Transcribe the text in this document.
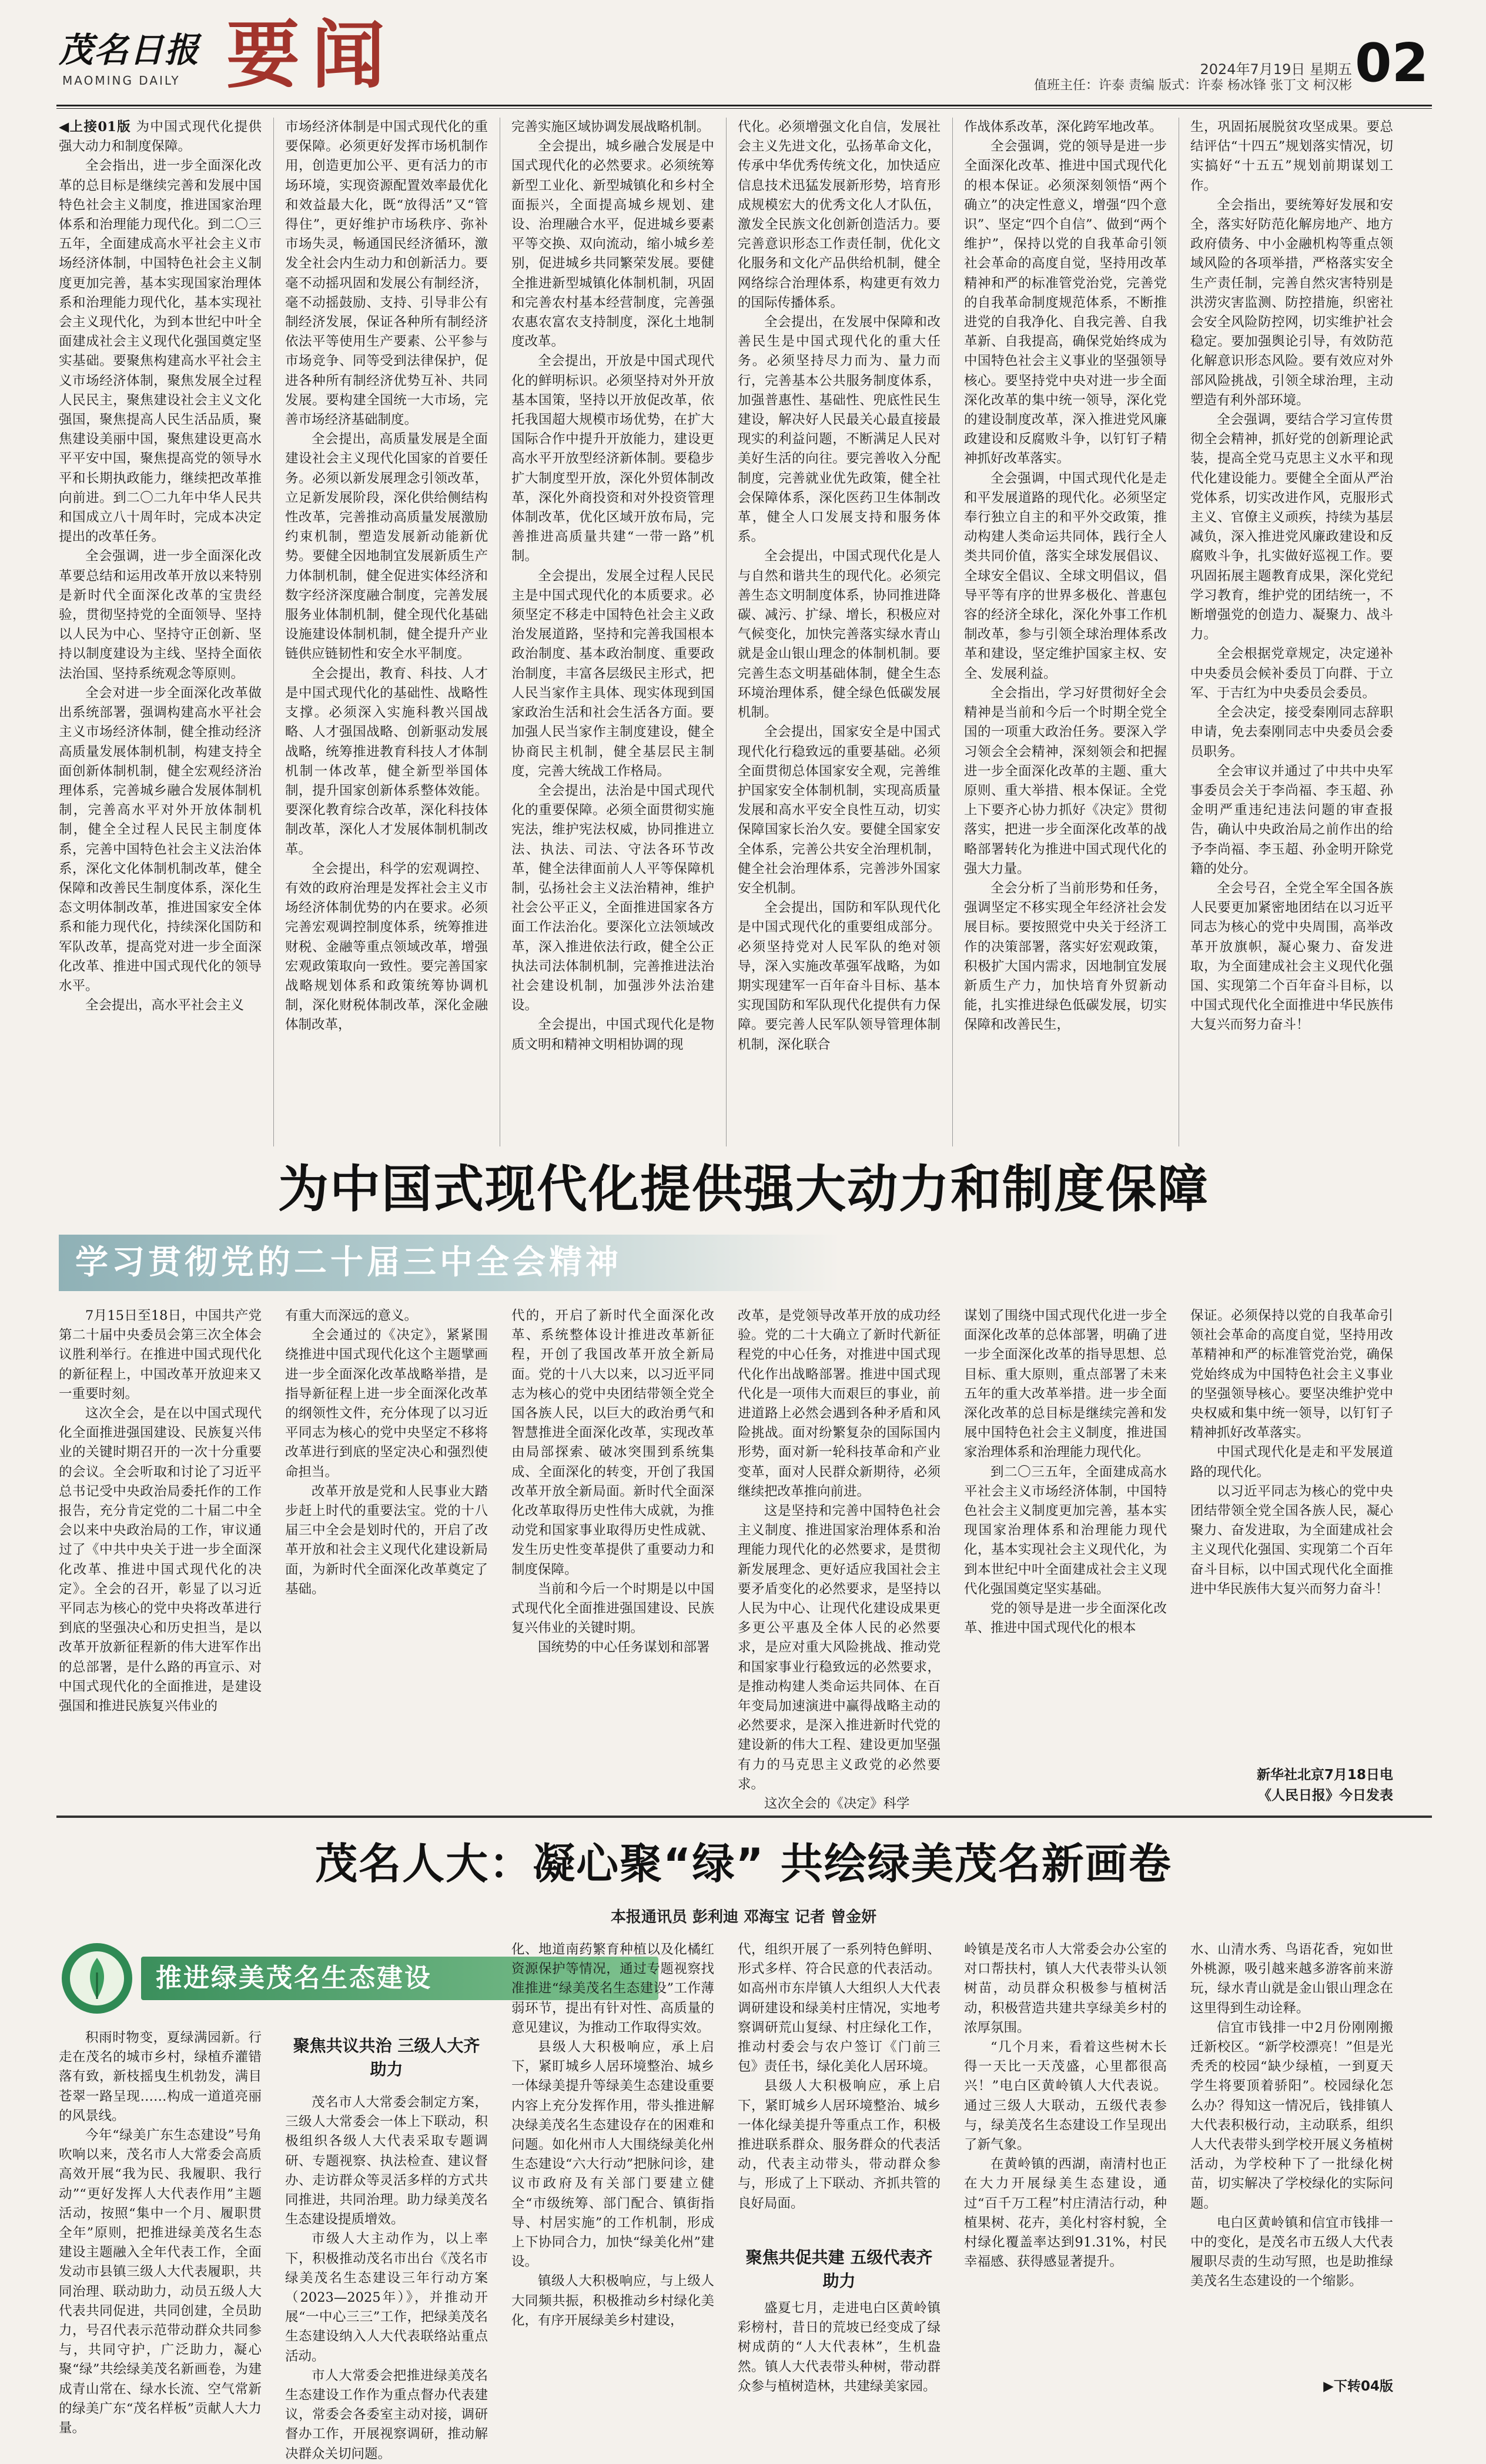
茂名日报
MAOMING DAILY 要闻	2024年7月19日 星期五
值班主任：许泰 责编 版式：许泰 杨冰锋 张丁文 柯汉彬 02

◀上接01版 为中国式现代化提供强大动力和制度保障。

全会指出，进一步全面深化改革的总目标是继续完善和发展中国特色社会主义制度，推进国家治理体系和治理能力现代化。到二〇三五年，全面建成高水平社会主义市场经济体制，中国特色社会主义制度更加完善，基本实现国家治理体系和治理能力现代化，基本实现社会主义现代化，为到本世纪中叶全面建成社会主义现代化强国奠定坚实基础。要聚焦构建高水平社会主义市场经济体制，聚焦发展全过程人民民主，聚焦建设社会主义文化强国，聚焦提高人民生活品质，聚焦建设美丽中国，聚焦建设更高水平平安中国，聚焦提高党的领导水平和长期执政能力，继续把改革推向前进。到二〇二九年中华人民共和国成立八十周年时，完成本决定提出的改革任务。

全会强调，进一步全面深化改革要总结和运用改革开放以来特别是新时代全面深化改革的宝贵经验，贯彻坚持党的全面领导、坚持以人民为中心、坚持守正创新、坚持以制度建设为主线、坚持全面依法治国、坚持系统观念等原则。

全会对进一步全面深化改革做出系统部署，强调构建高水平社会主义市场经济体制，健全推动经济高质量发展体制机制，构建支持全面创新体制机制，健全宏观经济治理体系，完善城乡融合发展体制机制，完善高水平对外开放体制机制，健全全过程人民民主制度体系，完善中国特色社会主义法治体系，深化文化体制机制改革，健全保障和改善民生制度体系，深化生态文明体制改革，推进国家安全体系和能力现代化，持续深化国防和军队改革，提高党对进一步全面深化改革、推进中国式现代化的领导水平。

全会提出，高水平社会主义

市场经济体制是中国式现代化的重要保障。必须更好发挥市场机制作用，创造更加公平、更有活力的市场环境，实现资源配置效率最优化和效益最大化，既“放得活”又“管得住”，更好维护市场秩序、弥补市场失灵，畅通国民经济循环，激发全社会内生动力和创新活力。要毫不动摇巩固和发展公有制经济，毫不动摇鼓励、支持、引导非公有制经济发展，保证各种所有制经济依法平等使用生产要素、公平参与市场竞争、同等受到法律保护，促进各种所有制经济优势互补、共同发展。要构建全国统一大市场，完善市场经济基础制度。

全会提出，高质量发展是全面建设社会主义现代化国家的首要任务。必须以新发展理念引领改革，立足新发展阶段，深化供给侧结构性改革，完善推动高质量发展激励约束机制，塑造发展新动能新优势。要健全因地制宜发展新质生产力体制机制，健全促进实体经济和数字经济深度融合制度，完善发展服务业体制机制，健全现代化基础设施建设体制机制，健全提升产业链供应链韧性和安全水平制度。

全会提出，教育、科技、人才是中国式现代化的基础性、战略性支撑。必须深入实施科教兴国战略、人才强国战略、创新驱动发展战略，统筹推进教育科技人才体制机制一体改革，健全新型举国体制，提升国家创新体系整体效能。要深化教育综合改革，深化科技体制改革，深化人才发展体制机制改革。

全会提出，科学的宏观调控、有效的政府治理是发挥社会主义市场经济体制优势的内在要求。必须完善宏观调控制度体系，统筹推进财税、金融等重点领域改革，增强宏观政策取向一致性。要完善国家战略规划体系和政策统筹协调机制，深化财税体制改革，深化金融体制改革，

完善实施区域协调发展战略机制。

全会提出，城乡融合发展是中国式现代化的必然要求。必须统筹新型工业化、新型城镇化和乡村全面振兴，全面提高城乡规划、建设、治理融合水平，促进城乡要素平等交换、双向流动，缩小城乡差别，促进城乡共同繁荣发展。要健全推进新型城镇化体制机制，巩固和完善农村基本经营制度，完善强农惠农富农支持制度，深化土地制度改革。

全会提出，开放是中国式现代化的鲜明标识。必须坚持对外开放基本国策，坚持以开放促改革，依托我国超大规模市场优势，在扩大国际合作中提升开放能力，建设更高水平开放型经济新体制。要稳步扩大制度型开放，深化外贸体制改革，深化外商投资和对外投资管理体制改革，优化区域开放布局，完善推进高质量共建“一带一路”机制。

全会提出，发展全过程人民民主是中国式现代化的本质要求。必须坚定不移走中国特色社会主义政治发展道路，坚持和完善我国根本政治制度、基本政治制度、重要政治制度，丰富各层级民主形式，把人民当家作主具体、现实体现到国家政治生活和社会生活各方面。要加强人民当家作主制度建设，健全协商民主机制，健全基层民主制度，完善大统战工作格局。

全会提出，法治是中国式现代化的重要保障。必须全面贯彻实施宪法，维护宪法权威，协同推进立法、执法、司法、守法各环节改革，健全法律面前人人平等保障机制，弘扬社会主义法治精神，维护社会公平正义，全面推进国家各方面工作法治化。要深化立法领域改革，深入推进依法行政，健全公正执法司法体制机制，完善推进法治社会建设机制，加强涉外法治建设。

全会提出，中国式现代化是物质文明和精神文明相协调的现

代化。必须增强文化自信，发展社会主义先进文化，弘扬革命文化，传承中华优秀传统文化，加快适应信息技术迅猛发展新形势，培育形成规模宏大的优秀文化人才队伍，激发全民族文化创新创造活力。要完善意识形态工作责任制，优化文化服务和文化产品供给机制，健全网络综合治理体系，构建更有效力的国际传播体系。

全会提出，在发展中保障和改善民生是中国式现代化的重大任务。必须坚持尽力而为、量力而行，完善基本公共服务制度体系，加强普惠性、基础性、兜底性民生建设，解决好人民最关心最直接最现实的利益问题，不断满足人民对美好生活的向往。要完善收入分配制度，完善就业优先政策，健全社会保障体系，深化医药卫生体制改革，健全人口发展支持和服务体系。

全会提出，中国式现代化是人与自然和谐共生的现代化。必须完善生态文明制度体系，协同推进降碳、减污、扩绿、增长，积极应对气候变化，加快完善落实绿水青山就是金山银山理念的体制机制。要完善生态文明基础体制，健全生态环境治理体系，健全绿色低碳发展机制。

全会提出，国家安全是中国式现代化行稳致远的重要基础。必须全面贯彻总体国家安全观，完善维护国家安全体制机制，实现高质量发展和高水平安全良性互动，切实保障国家长治久安。要健全国家安全体系，完善公共安全治理机制，健全社会治理体系，完善涉外国家安全机制。

全会提出，国防和军队现代化是中国式现代化的重要组成部分。必须坚持党对人民军队的绝对领导，深入实施改革强军战略，为如期实现建军一百年奋斗目标、基本实现国防和军队现代化提供有力保障。要完善人民军队领导管理体制机制，深化联合

作战体系改革，深化跨军地改革。

全会强调，党的领导是进一步全面深化改革、推进中国式现代化的根本保证。必须深刻领悟“两个确立”的决定性意义，增强“四个意识”、坚定“四个自信”、做到“两个维护”，保持以党的自我革命引领社会革命的高度自觉，坚持用改革精神和严的标准管党治党，完善党的自我革命制度规范体系，不断推进党的自我净化、自我完善、自我革新、自我提高，确保党始终成为中国特色社会主义事业的坚强领导核心。要坚持党中央对进一步全面深化改革的集中统一领导，深化党的建设制度改革，深入推进党风廉政建设和反腐败斗争，以钉钉子精神抓好改革落实。

全会强调，中国式现代化是走和平发展道路的现代化。必须坚定奉行独立自主的和平外交政策，推动构建人类命运共同体，践行全人类共同价值，落实全球发展倡议、全球安全倡议、全球文明倡议，倡导平等有序的世界多极化、普惠包容的经济全球化，深化外事工作机制改革，参与引领全球治理体系改革和建设，坚定维护国家主权、安全、发展利益。

全会指出，学习好贯彻好全会精神是当前和今后一个时期全党全国的一项重大政治任务。要深入学习领会全会精神，深刻领会和把握进一步全面深化改革的主题、重大原则、重大举措、根本保证。全党上下要齐心协力抓好《决定》贯彻落实，把进一步全面深化改革的战略部署转化为推进中国式现代化的强大力量。

全会分析了当前形势和任务，强调坚定不移实现全年经济社会发展目标。要按照党中央关于经济工作的决策部署，落实好宏观政策，积极扩大国内需求，因地制宜发展新质生产力，加快培育外贸新动能，扎实推进绿色低碳发展，切实保障和改善民生，

生，巩固拓展脱贫攻坚成果。要总结评估“十四五”规划落实情况，切实搞好“十五五”规划前期谋划工作。

全会指出，要统筹好发展和安全，落实好防范化解房地产、地方政府债务、中小金融机构等重点领域风险的各项举措，严格落实安全生产责任制，完善自然灾害特别是洪涝灾害监测、防控措施，织密社会安全风险防控网，切实维护社会稳定。要加强舆论引导，有效防范化解意识形态风险。要有效应对外部风险挑战，引领全球治理，主动塑造有利外部环境。

全会强调，要结合学习宣传贯彻全会精神，抓好党的创新理论武装，提高全党马克思主义水平和现代化建设能力。要健全全面从严治党体系，切实改进作风，克服形式主义、官僚主义顽疾，持续为基层减负，深入推进党风廉政建设和反腐败斗争，扎实做好巡视工作。要巩固拓展主题教育成果，深化党纪学习教育，维护党的团结统一，不断增强党的创造力、凝聚力、战斗力。

全会根据党章规定，决定递补中央委员会候补委员丁向群、于立军、于吉红为中央委员会委员。

全会决定，接受秦刚同志辞职申请，免去秦刚同志中央委员会委员职务。

全会审议并通过了中共中央军事委员会关于李尚福、李玉超、孙金明严重违纪违法问题的审查报告，确认中央政治局之前作出的给予李尚福、李玉超、孙金明开除党籍的处分。

全会号召，全党全军全国各族人民要更加紧密地团结在以习近平同志为核心的党中央周围，高举改革开放旗帜，凝心聚力、奋发进取，为全面建成社会主义现代化强国、实现第二个百年奋斗目标，以中国式现代化全面推进中华民族伟大复兴而努力奋斗！

为中国式现代化提供强大动力和制度保障
学习贯彻党的二十届三中全会精神

7月15日至18日，中国共产党第二十届中央委员会第三次全体会议胜利举行。在推进中国式现代化的新征程上，中国改革开放迎来又一重要时刻。

这次全会，是在以中国式现代化全面推进强国建设、民族复兴伟业的关键时期召开的一次十分重要的会议。全会听取和讨论了习近平总书记受中央政治局委托作的工作报告，充分肯定党的二十届二中全会以来中央政治局的工作，审议通过了《中共中央关于进一步全面深化改革、推进中国式现代化的决定》。全会的召开，彰显了以习近平同志为核心的党中央将改革进行到底的坚强决心和历史担当，是以改革开放新征程新的伟大进军作出的总部署，是什么路的再宣示、对中国式现代化的全面推进，是建设强国和推进民族复兴伟业的

有重大而深远的意义。

全会通过的《决定》，紧紧围绕推进中国式现代化这个主题擘画进一步全面深化改革战略举措，是指导新征程上进一步全面深化改革的纲领性文件，充分体现了以习近平同志为核心的党中央坚定不移将改革进行到底的坚定决心和强烈使命担当。

改革开放是党和人民事业大踏步赶上时代的重要法宝。党的十八届三中全会是划时代的，开启了改革开放和社会主义现代化建设新局面，为新时代全面深化改革奠定了基础。

代的，开启了新时代全面深化改革、系统整体设计推进改革新征程，开创了我国改革开放全新局面。党的十八大以来，以习近平同志为核心的党中央团结带领全党全国各族人民，以巨大的政治勇气和智慧推进全面深化改革，实现改革由局部探索、破冰突围到系统集成、全面深化的转变，开创了我国改革开放全新局面。新时代全面深化改革取得历史性伟大成就，为推动党和国家事业取得历史性成就、发生历史性变革提供了重要动力和制度保障。

当前和今后一个时期是以中国式现代化全面推进强国建设、民族复兴伟业的关键时期。

国统势的中心任务谋划和部署

改革，是党领导改革开放的成功经验。党的二十大确立了新时代新征程党的中心任务，对推进中国式现代化作出战略部署。推进中国式现代化是一项伟大而艰巨的事业，前进道路上必然会遇到各种矛盾和风险挑战。面对纷繁复杂的国际国内形势，面对新一轮科技革命和产业变革，面对人民群众新期待，必须继续把改革推向前进。

这是坚持和完善中国特色社会主义制度、推进国家治理体系和治理能力现代化的必然要求，是贯彻新发展理念、更好适应我国社会主要矛盾变化的必然要求，是坚持以人民为中心、让现代化建设成果更多更公平惠及全体人民的必然要求，是应对重大风险挑战、推动党和国家事业行稳致远的必然要求，是推动构建人类命运共同体、在百年变局加速演进中赢得战略主动的必然要求，是深入推进新时代党的建设新的伟大工程、建设更加坚强有力的马克思主义政党的必然要求。

这次全会的《决定》科学

谋划了围绕中国式现代化进一步全面深化改革的总体部署，明确了进一步全面深化改革的指导思想、总目标、重大原则，重点部署了未来五年的重大改革举措。进一步全面深化改革的总目标是继续完善和发展中国特色社会主义制度，推进国家治理体系和治理能力现代化。

到二〇三五年，全面建成高水平社会主义市场经济体制，中国特色社会主义制度更加完善，基本实现国家治理体系和治理能力现代化，基本实现社会主义现代化，为到本世纪中叶全面建成社会主义现代化强国奠定坚实基础。

党的领导是进一步全面深化改革、推进中国式现代化的根本

保证。必须保持以党的自我革命引领社会革命的高度自觉，坚持用改革精神和严的标准管党治党，确保党始终成为中国特色社会主义事业的坚强领导核心。要坚决维护党中央权威和集中统一领导，以钉钉子精神抓好改革落实。

中国式现代化是走和平发展道路的现代化。

以习近平同志为核心的党中央团结带领全党全国各族人民，凝心聚力、奋发进取，为全面建成社会主义现代化强国、实现第二个百年奋斗目标，以中国式现代化全面推进中华民族伟大复兴而努力奋斗！

新华社北京7月18日电
《人民日报》今日发表
茂名人大：凝心聚“绿” 共绘绿美茂名新画卷
本报通讯员 彭利迪 邓海宝 记者 曾金妍
推进绿美茂名生态建设

积雨时物变，夏绿满园新。行走在茂名的城市乡村，绿植乔灌错落有致，新枝摇曳生机勃发，满目苍翠一路呈现……构成一道道亮丽的风景线。

今年“绿美广东生态建设”号角吹响以来，茂名市人大常委会高质高效开展“我为民、我履职、我行动”“更好发挥人大代表作用”主题活动，按照“集中一个月、履职贯全年”原则，把推进绿美茂名生态建设主题融入全年代表工作，全面发动市县镇三级人大代表履职，共同治理、联动助力，动员五级人大代表共同促进，共同创建，全员助力，号召代表示范带动群众共同参与，共同守护，广泛助力，凝心聚“绿”共绘绿美茂名新画卷，为建成青山常在、绿水长流、空气常新的绿美广东“茂名样板”贡献人大力量。

聚焦共议共治 三级人大齐助力

茂名市人大常委会制定方案，三级人大常委会一体上下联动，积极组织各级人大代表采取专题调研、专题视察、执法检查、建议督办、走访群众等灵活多样的方式共同推进，共同治理。助力绿美茂名生态建设提质增效。

市级人大主动作为，以上率下，积极推动茂名市出台《茂名市绿美茂名生态建设三年行动方案（2023—2025年）》，并推动开展“一中心三三”工作，把绿美茂名生态建设纳入人大代表联络站重点活动。

市人大常委会把推进绿美茂名生态建设工作作为重点督办代表建议，常委会各委室主动对接，调研督办工作，开展视察调研，推动解决群众关切问题。

化、地道南药繁育种植以及化橘红资源保护等情况，通过专题视察找准推进“绿美茂名生态建设”工作薄弱环节，提出有针对性、高质量的意见建议，为推动工作取得实效。

县级人大积极响应，承上启下，紧盯城乡人居环境整治、城乡一体绿美提升等绿美生态建设重要内容上充分发挥作用，带头推进解决绿美茂名生态建设存在的困难和问题。如化州市人大围绕绿美化州生态建设“六大行动”把脉问诊，建议市政府及有关部门要建立健全“市级统筹、部门配合、镇街指导、村居实施”的工作机制，形成上下协同合力，加快“绿美化州”建设。

镇级人大积极响应，与上级人大同频共振，积极推动乡村绿化美化，有序开展绿美乡村建设，

代，组织开展了一系列特色鲜明、形式多样、符合民意的代表活动。如高州市东岸镇人大组织人大代表调研建设和绿美村庄情况，实地考察调研荒山复绿、村庄绿化工作，推动村委会与农户签订《门前三包》责任书，绿化美化人居环境。

县级人大积极响应，承上启下，紧盯城乡人居环境整治、城乡一体化绿美提升等重点工作，积极推进联系群众、服务群众的代表活动，代表主动带头，带动群众参与，形成了上下联动、齐抓共管的良好局面。

聚焦共促共建 五级代表齐助力

盛夏七月，走进电白区黄岭镇彩榜村，昔日的荒坡已经变成了绿树成荫的“人大代表林”，生机盎然。镇人大代表带头种树，带动群众参与植树造林，共建绿美家园。

岭镇是茂名市人大常委会办公室的对口帮扶村，镇人大代表带头认领树苗，动员群众积极参与植树活动，积极营造共建共享绿美乡村的浓厚氛围。

“几个月来，看着这些树木长得一天比一天茂盛，心里都很高兴！”电白区黄岭镇人大代表说。通过三级人大联动，五级代表参与，绿美茂名生态建设工作呈现出了新气象。

在黄岭镇的西湖，南清村也正在大力开展绿美生态建设，通过“百千万工程”村庄清洁行动，种植果树、花卉，美化村容村貌，全村绿化覆盖率达到91.31%，村民幸福感、获得感显著提升。

水、山清水秀、鸟语花香，宛如世外桃源，吸引越来越多游客前来游玩，绿水青山就是金山银山理念在这里得到生动诠释。

信宜市钱排一中2月份刚刚搬迁新校区。“新学校漂亮！”但是光秃秃的校园“缺少绿植，一到夏天学生将要顶着骄阳”。校园绿化怎么办？得知这一情况后，钱排镇人大代表积极行动，主动联系，组织人大代表带头到学校开展义务植树活动，为学校种下了一批绿化树苗，切实解决了学校绿化的实际问题。

电白区黄岭镇和信宜市钱排一中的变化，是茂名市五级人大代表履职尽责的生动写照，也是助推绿美茂名生态建设的一个缩影。

▶下转04版
